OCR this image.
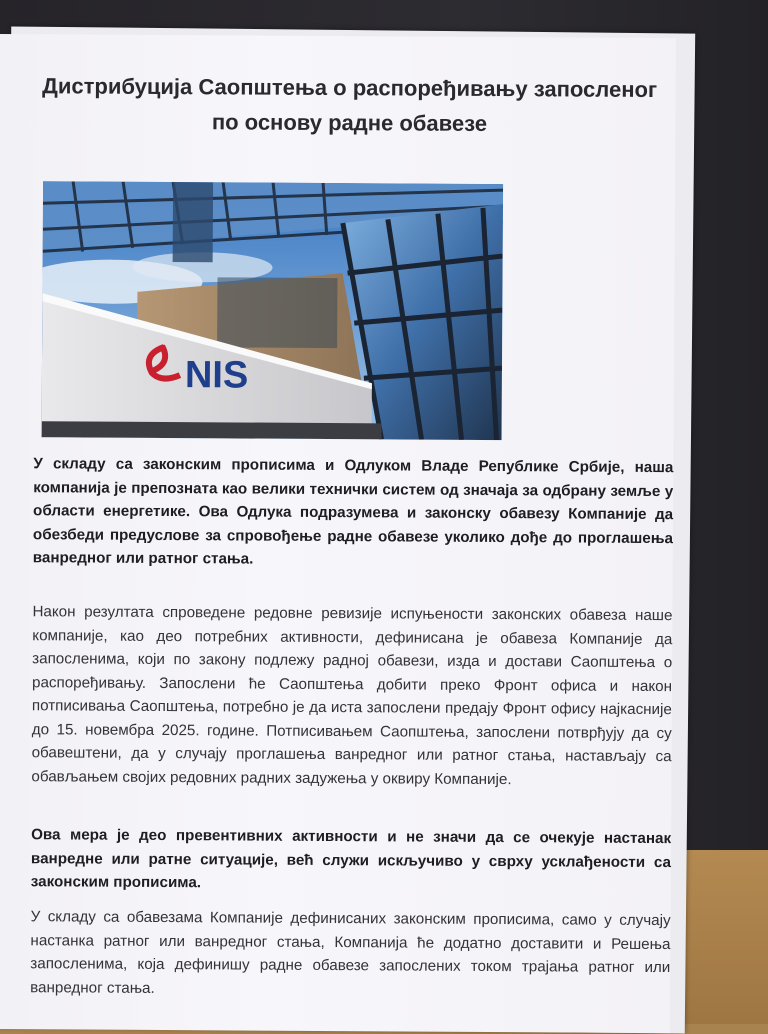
Дистрибуција Саопштења о распоређивању запосленог по основу радне обавезе
NIS

У складу са законским прописима и Одлуком Владе Републике Србије, наша компанија је препозната као велики технички систем од значаја за одбрану земље у области енергетике. Ова Одлука подразумева и законску обавезу Компаније да обезбеди предуслове за спровођење радне обавезе уколико дође до проглашења ванредног или ратног стања.

Након резултата спроведене редовне ревизије испуњености законских обавеза наше компаније, као део потребних активности, дефинисана је обавеза Компаније да запосленима, који по закону подлежу радној обавези, изда и достави Саопштења о распоређивању. Запослени ће Саопштења добити преко Фронт офиса и након потписивања Саопштења, потребно је да иста запослени предају Фронт офису најкасније до 15. новембра 2025. године. Потписивањем Саопштења, запослени потврђују да су обавештени, да у случају проглашења ванредног или ратног стања, настављају са обављањем својих редовних радних задужења у оквиру Компаније.

Ова мера је део превентивних активности и не значи да се очекује настанак ванредне или ратне ситуације, већ служи искључиво у сврху усклађености са законским прописима.

У складу са обавезама Компаније дефинисаних законским прописима, само у случају настанка ратног или ванредног стања, Компанија ће додатно доставити и Решења запосленима, која дефинишу радне обавезе запослених током трајања ратног или ванредног стања.
